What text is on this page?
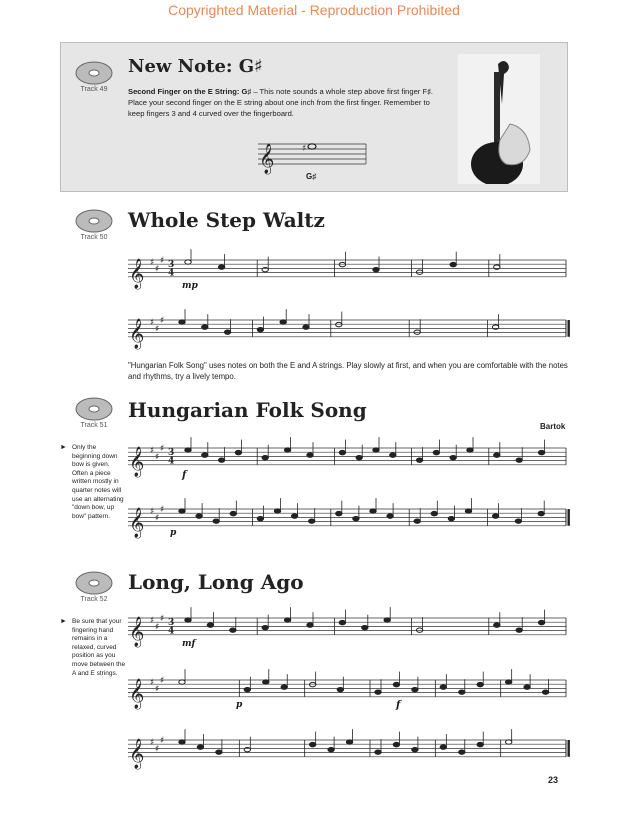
Copyrighted Material - Reproduction Prohibited
Track 49
New Note: G♯
Second Finger on the E String: G♯ – This note sounds a whole step above first finger F♯. Place your second finger on the E string about one inch from the first finger. Remember to keep fingers 3 and 4 curved over the fingerboard.
𝄞	♯
G♯
Track 50
Whole Step Waltz
𝄞 ♯
♯
♯ 3
4
mp
𝄞 ♯
♯
♯
"Hungarian Folk Song" uses notes on both the E and A strings. Play slowly at first, and when you are comfortable with the notes and rhythms, try a lively tempo.
Track 51
Hungarian Folk Song
Bartok
► Only the beginning down bow is given. Often a piece written mostly in quarter notes will use an alternating "down bow, up bow" pattern.
𝄞 ♯
♯
♯ 3
4
f
𝄞 ♯
♯
♯
p
Track 52
Long, Long Ago
► Be sure that your fingering hand remains in a relaxed, curved position as you move between the A and E strings.
𝄞 ♯
♯
♯ 3
4
mf
𝄞 ♯
♯
♯
p	f
𝄞 ♯
♯
♯
23
